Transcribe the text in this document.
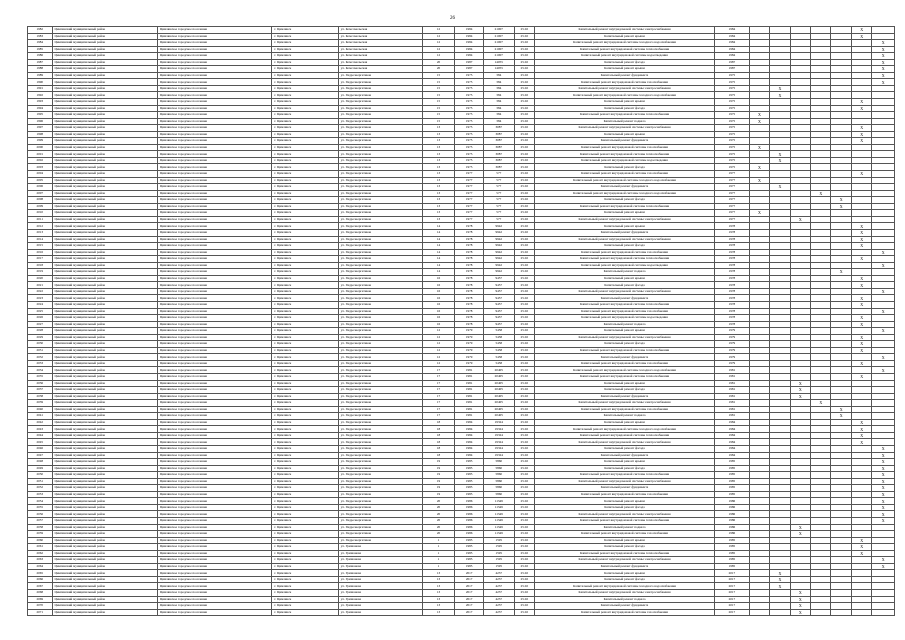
26
1982	Цимлянский муниципальный район	Цимлянское городское поселение	г. Цимлянск	ул. Комсомольская	12	1984	21007	25.02	Капитальный ремонт внутридомовой системы электроснабжения	1984						X	
1983	Цимлянский муниципальный район	Цимлянское городское поселение	г. Цимлянск	ул. Комсомольская	12	1984	21007	25.02	Капитальный ремонт крыши	1984						X	
1984	Цимлянский муниципальный район	Цимлянское городское поселение	г. Цимлянск	ул. Комсомольская	12	1984	21007	25.02	Капитальный ремонт внутридомовой системы холодного водоснабжения	1984							X
1985	Цимлянский муниципальный район	Цимлянское городское поселение	г. Цимлянск	ул. Комсомольская	12	1984	21007	25.02	Капитальный ремонт внутридомовой системы теплоснабжения	1984							X
1986	Цимлянский муниципальный район	Цимлянское городское поселение	г. Цимлянск	ул. Комсомольская	12	1984	21007	25.02	Капитальный ремонт внутридомовой системы водоотведения	1984							X
1987	Цимлянский муниципальный район	Цимлянское городское поселение	г. Цимлянск	ул. Комсомольская	20	1987	14055	25.02	Капитальный ремонт фасада	1987							X
1988	Цимлянский муниципальный район	Цимлянское городское поселение	г. Цимлянск	ул. Комсомольская	20	1987	14055	25.02	Капитальный ремонт крыши	1987							X
1989	Цимлянский муниципальный район	Цимлянское городское поселение	г. Цимлянск	ул. Гидроэнергетиков	15	1975	384	25.02	Капитальный ремонт фундамента	1975							X
1990	Цимлянский муниципальный район	Цимлянское городское поселение	г. Цимлянск	ул. Гидроэнергетиков	15	1975	384	25.02	Капитальный ремонт внутридомовой системы газоснабжения	1975							X
1991	Цимлянский муниципальный район	Цимлянское городское поселение	г. Цимлянск	ул. Гидроэнергетиков	15	1975	384	25.02	Капитальный ремонт внутридомовой системы электроснабжения	1975		X					
1992	Цимлянский муниципальный район	Цимлянское городское поселение	г. Цимлянск	ул. Гидроэнергетиков	15	1975	384	25.02	Капитальный ремонт внутридомовой системы холодного водоснабжения	1975		X					
1993	Цимлянский муниципальный район	Цимлянское городское поселение	г. Цимлянск	ул. Гидроэнергетиков	15	1975	384	25.02	Капитальный ремонт крыши	1975						X	
1994	Цимлянский муниципальный район	Цимлянское городское поселение	г. Цимлянск	ул. Гидроэнергетиков	15	1975	384	25.02	Капитальный ремонт фасада	1975						X	
1995	Цимлянский муниципальный район	Цимлянское городское поселение	г. Цимлянск	ул. Гидроэнергетиков	15	1975	384	25.02	Капитальный ремонт внутридомовой системы теплоснабжения	1975	X						
1996	Цимлянский муниципальный район	Цимлянское городское поселение	г. Цимлянск	ул. Гидроэнергетиков	15	1975	384	25.02	Капитальный ремонт подвала	1975	X						
1997	Цимлянский муниципальный район	Цимлянское городское поселение	г. Цимлянск	ул. Гидроэнергетиков	13	1975	3087	25.02	Капитальный ремонт внутридомовой системы электроснабжения	1975						X	
1998	Цимлянский муниципальный район	Цимлянское городское поселение	г. Цимлянск	ул. Гидроэнергетиков	13	1975	3087	25.02	Капитальный ремонт крыши	1975						X	
1999	Цимлянский муниципальный район	Цимлянское городское поселение	г. Цимлянск	ул. Гидроэнергетиков	13	1975	3087	25.02	Капитальный ремонт фундамента	1975						X	
2000	Цимлянский муниципальный район	Цимлянское городское поселение	г. Цимлянск	ул. Гидроэнергетиков	13	1975	3087	25.02	Капитальный ремонт внутридомовой системы газоснабжения	1975	X						
2001	Цимлянский муниципальный район	Цимлянское городское поселение	г. Цимлянск	ул. Гидроэнергетиков	13	1975	3087	25.02	Капитальный ремонт внутридомовой системы теплоснабжения	1975		X					
2002	Цимлянский муниципальный район	Цимлянское городское поселение	г. Цимлянск	ул. Гидроэнергетиков	13	1975	3087	25.02	Капитальный ремонт внутридомовой системы водоотведения	1975		X					
2003	Цимлянский муниципальный район	Цимлянское городское поселение	г. Цимлянск	ул. Гидроэнергетиков	13	1975	3087	25.02	Капитальный ремонт фасада	1975	X						
2004	Цимлянский муниципальный район	Цимлянское городское поселение	г. Цимлянск	ул. Гидроэнергетиков	13	1977	577	25.02	Капитальный ремонт внутридомовой системы газоснабжения	1977						X	
2005	Цимлянский муниципальный район	Цимлянское городское поселение	г. Цимлянск	ул. Гидроэнергетиков	13	1977	577	25.02	Капитальный ремонт внутридомовой системы холодного водоснабжения	1977	X						
2006	Цимлянский муниципальный район	Цимлянское городское поселение	г. Цимлянск	ул. Гидроэнергетиков	13	1977	577	25.02	Капитальный ремонт фундамента	1977		X					
2007	Цимлянский муниципальный район	Цимлянское городское поселение	г. Цимлянск	ул. Гидроэнергетиков	13	1977	577	25.02	Капитальный ремонт внутридомовой системы холодного водоснабжения	1977				X			
2008	Цимлянский муниципальный район	Цимлянское городское поселение	г. Цимлянск	ул. Гидроэнергетиков	13	1977	577	25.02	Капитальный ремонт фасада	1977					X		
2009	Цимлянский муниципальный район	Цимлянское городское поселение	г. Цимлянск	ул. Гидроэнергетиков	13	1977	577	25.02	Капитальный ремонт внутридомовой системы теплоснабжения	1977					X		
2010	Цимлянский муниципальный район	Цимлянское городское поселение	г. Цимлянск	ул. Гидроэнергетиков	13	1977	577	25.02	Капитальный ремонт крыши	1977	X						
2011	Цимлянский муниципальный район	Цимлянское городское поселение	г. Цимлянск	ул. Гидроэнергетиков	13	1977	577	25.02	Капитальный ремонт внутридомовой системы электроснабжения	1977			X				
2012	Цимлянский муниципальный район	Цимлянское городское поселение	г. Цимлянск	ул. Гидроэнергетиков	14	1978	9942	25.02	Капитальный ремонт крыши	1978						X	
2013	Цимлянский муниципальный район	Цимлянское городское поселение	г. Цимлянск	ул. Гидроэнергетиков	14	1978	9942	25.02	Капитальный ремонт фундамента	1978						X	
2014	Цимлянский муниципальный район	Цимлянское городское поселение	г. Цимлянск	ул. Гидроэнергетиков	14	1978	9942	25.02	Капитальный ремонт внутридомовой системы электроснабжения	1978						X	
2015	Цимлянский муниципальный район	Цимлянское городское поселение	г. Цимлянск	ул. Гидроэнергетиков	14	1978	9942	25.02	Капитальный ремонт фасада	1978						X	
2016	Цимлянский муниципальный район	Цимлянское городское поселение	г. Цимлянск	ул. Гидроэнергетиков	14	1978	9942	25.02	Капитальный ремонт внутридомовой системы газоснабжения	1978							X
2017	Цимлянский муниципальный район	Цимлянское городское поселение	г. Цимлянск	ул. Гидроэнергетиков	14	1978	9942	25.02	Капитальный ремонт внутридомовой системы теплоснабжения	1978						X	
2018	Цимлянский муниципальный район	Цимлянское городское поселение	г. Цимлянск	ул. Гидроэнергетиков	14	1978	9942	25.02	Капитальный ремонт внутридомовой системы водоотведения	1978							X
2019	Цимлянский муниципальный район	Цимлянское городское поселение	г. Цимлянск	ул. Гидроэнергетиков	14	1978	9942	25.02	Капитальный ремонт подвала	1978					X		
2020	Цимлянский муниципальный район	Цимлянское городское поселение	г. Цимлянск	ул. Гидроэнергетиков	16	1978	9457	25.02	Капитальный ремонт крыши	1978						X	
2021	Цимлянский муниципальный район	Цимлянское городское поселение	г. Цимлянск	ул. Гидроэнергетиков	16	1978	9457	25.02	Капитальный ремонт фасада	1978						X	
2022	Цимлянский муниципальный район	Цимлянское городское поселение	г. Цимлянск	ул. Гидроэнергетиков	16	1978	9457	25.02	Капитальный ремонт внутридомовой системы электроснабжения	1978							X
2023	Цимлянский муниципальный район	Цимлянское городское поселение	г. Цимлянск	ул. Гидроэнергетиков	16	1978	9457	25.02	Капитальный ремонт фундамента	1978						X	
2024	Цимлянский муниципальный район	Цимлянское городское поселение	г. Цимлянск	ул. Гидроэнергетиков	16	1978	9457	25.02	Капитальный ремонт внутридомовой системы теплоснабжения	1978						X	
2025	Цимлянский муниципальный район	Цимлянское городское поселение	г. Цимлянск	ул. Гидроэнергетиков	16	1978	9457	25.02	Капитальный ремонт внутридомовой системы газоснабжения	1978							X
2026	Цимлянский муниципальный район	Цимлянское городское поселение	г. Цимлянск	ул. Гидроэнергетиков	16	1978	9457	25.02	Капитальный ремонт внутридомовой системы водоотведения	1978						X	
2027	Цимлянский муниципальный район	Цимлянское городское поселение	г. Цимлянск	ул. Гидроэнергетиков	16	1978	9457	25.02	Капитальный ремонт подвала	1978						X	
2028	Цимлянский муниципальный район	Цимлянское городское поселение	г. Цимлянск	ул. Гидроэнергетиков	12	1979	5458	25.02	Капитальный ремонт крыши	1979							X
2029	Цимлянский муниципальный район	Цимлянское городское поселение	г. Цимлянск	ул. Гидроэнергетиков	12	1979	5458	25.02	Капитальный ремонт внутридомовой системы электроснабжения	1979						X	
2030	Цимлянский муниципальный район	Цимлянское городское поселение	г. Цимлянск	ул. Гидроэнергетиков	12	1979	5458	25.02	Капитальный ремонт фасада	1979						X	
2031	Цимлянский муниципальный район	Цимлянское городское поселение	г. Цимлянск	ул. Гидроэнергетиков	12	1979	5458	25.02	Капитальный ремонт внутридомовой системы теплоснабжения	1979						X	
2032	Цимлянский муниципальный район	Цимлянское городское поселение	г. Цимлянск	ул. Гидроэнергетиков	12	1979	5458	25.02	Капитальный ремонт фундамента	1979							X
2033	Цимлянский муниципальный район	Цимлянское городское поселение	г. Цимлянск	ул. Гидроэнергетиков	12	1979	5458	25.02	Капитальный ремонт внутридомовой системы газоснабжения	1979						X	
2034	Цимлянский муниципальный район	Цимлянское городское поселение	г. Цимлянск	ул. Гидроэнергетиков	17	1981	20405	25.02	Капитальный ремонт внутридомовой системы холодного водоснабжения	1981							X
2035	Цимлянский муниципальный район	Цимлянское городское поселение	г. Цимлянск	ул. Гидроэнергетиков	17	1981	20405	25.02	Капитальный ремонт внутридомовой системы теплоснабжения	1981						X	
2036	Цимлянский муниципальный район	Цимлянское городское поселение	г. Цимлянск	ул. Гидроэнергетиков	17	1981	20405	25.02	Капитальный ремонт крыши	1981			X				
2037	Цимлянский муниципальный район	Цимлянское городское поселение	г. Цимлянск	ул. Гидроэнергетиков	17	1981	20405	25.02	Капитальный ремонт фасада	1981			X				
2038	Цимлянский муниципальный район	Цимлянское городское поселение	г. Цимлянск	ул. Гидроэнергетиков	17	1981	20405	25.02	Капитальный ремонт фундамента	1981			X				
2039	Цимлянский муниципальный район	Цимлянское городское поселение	г. Цимлянск	ул. Гидроэнергетиков	17	1981	20405	25.02	Капитальный ремонт внутридомовой системы электроснабжения	1981				X			
2040	Цимлянский муниципальный район	Цимлянское городское поселение	г. Цимлянск	ул. Гидроэнергетиков	17	1981	20405	25.02	Капитальный ремонт внутридомовой системы газоснабжения	1981					X		
2041	Цимлянский муниципальный район	Цимлянское городское поселение	г. Цимлянск	ул. Гидроэнергетиков	17	1981	20405	25.02	Капитальный ремонт подвала	1981					X		
2042	Цимлянский муниципальный район	Цимлянское городское поселение	г. Цимлянск	ул. Гидроэнергетиков	18	1984	19324	25.02	Капитальный ремонт крыши	1984						X	
2043	Цимлянский муниципальный район	Цимлянское городское поселение	г. Цимлянск	ул. Гидроэнергетиков	18	1984	19324	25.02	Капитальный ремонт внутридомовой системы холодного водоснабжения	1984						X	
2044	Цимлянский муниципальный район	Цимлянское городское поселение	г. Цимлянск	ул. Гидроэнергетиков	18	1984	19324	25.02	Капитальный ремонт внутридомовой системы теплоснабжения	1984						X	
2045	Цимлянский муниципальный район	Цимлянское городское поселение	г. Цимлянск	ул. Гидроэнергетиков	18	1984	19324	25.02	Капитальный ремонт внутридомовой системы электроснабжения	1984						X	
2046	Цимлянский муниципальный район	Цимлянское городское поселение	г. Цимлянск	ул. Гидроэнергетиков	18	1984	19324	25.02	Капитальный ремонт фасада	1984							X
2047	Цимлянский муниципальный район	Цимлянское городское поселение	г. Цимлянск	ул. Гидроэнергетиков	18	1984	19324	25.02	Капитальный ремонт фундамента	1984							X
2048	Цимлянский муниципальный район	Цимлянское городское поселение	г. Цимлянск	ул. Гидроэнергетиков	19	1985	5860	25.02	Капитальный ремонт крыши	1985							X
2049	Цимлянский муниципальный район	Цимлянское городское поселение	г. Цимлянск	ул. Гидроэнергетиков	19	1985	5860	25.02	Капитальный ремонт фасада	1985							X
2050	Цимлянский муниципальный район	Цимлянское городское поселение	г. Цимлянск	ул. Гидроэнергетиков	19	1985	5860	25.02	Капитальный ремонт внутридомовой системы теплоснабжения	1985							X
2051	Цимлянский муниципальный район	Цимлянское городское поселение	г. Цимлянск	ул. Гидроэнергетиков	19	1985	5860	25.02	Капитальный ремонт внутридомовой системы электроснабжения	1985							X
2052	Цимлянский муниципальный район	Цимлянское городское поселение	г. Цимлянск	ул. Гидроэнергетиков	19	1985	5860	25.02	Капитальный ремонт фундамента	1985							X
2053	Цимлянский муниципальный район	Цимлянское городское поселение	г. Цимлянск	ул. Гидроэнергетиков	19	1985	5860	25.02	Капитальный ремонт внутридомовой системы газоснабжения	1985							X
2054	Цимлянский муниципальный район	Цимлянское городское поселение	г. Цимлянск	ул. Гидроэнергетиков	20	1986	11349	25.02	Капитальный ремонт крыши	1986							X
2055	Цимлянский муниципальный район	Цимлянское городское поселение	г. Цимлянск	ул. Гидроэнергетиков	20	1986	11349	25.02	Капитальный ремонт фасада	1986							X
2056	Цимлянский муниципальный район	Цимлянское городское поселение	г. Цимлянск	ул. Гидроэнергетиков	20	1986	11349	25.02	Капитальный ремонт внутридомовой системы электроснабжения	1986							X
2057	Цимлянский муниципальный район	Цимлянское городское поселение	г. Цимлянск	ул. Гидроэнергетиков	20	1986	11349	25.02	Капитальный ремонт внутридомовой системы теплоснабжения	1986							X
2058	Цимлянский муниципальный район	Цимлянское городское поселение	г. Цимлянск	ул. Гидроэнергетиков	20	1986	11349	25.02	Капитальный ремонт подвала	1986			X				
2059	Цимлянский муниципальный район	Цимлянское городское поселение	г. Цимлянск	ул. Гидроэнергетиков	20	1986	11349	25.02	Капитальный ремонт внутридомовой системы газоснабжения	1986			X				
2060	Цимлянский муниципальный район	Цимлянское городское поселение	г. Цимлянск	ул. Гидроэнергетиков	1	1985	1595	25.02	Капитальный ремонт крыши	1985						X	
2061	Цимлянский муниципальный район	Цимлянское городское поселение	г. Цимлянск	ул. Гришанова	1	1985	1595	25.02	Капитальный ремонт фасада	1985						X	
2062	Цимлянский муниципальный район	Цимлянское городское поселение	г. Цимлянск	ул. Гришанова	1	1985	1595	25.02	Капитальный ремонт внутридомовой системы теплоснабжения	1985						X	
2063	Цимлянский муниципальный район	Цимлянское городское поселение	г. Цимлянск	ул. Гришанова	1	1985	1595	25.02	Капитальный ремонт внутридомовой системы электроснабжения	1985							X
2064	Цимлянский муниципальный район	Цимлянское городское поселение	г. Цимлянск	ул. Гришанова	1	1985	1595	25.02	Капитальный ремонт фундамента	1985							X
2065	Цимлянский муниципальный район	Цимлянское городское поселение	г. Цимлянск	ул. Гришанова	13	2017	4237	25.02	Капитальный ремонт крыши	2017		X					
2066	Цимлянский муниципальный район	Цимлянское городское поселение	г. Цимлянск	ул. Гришанова	13	2017	4237	25.02	Капитальный ремонт фасада	2017		X					
2067	Цимлянский муниципальный район	Цимлянское городское поселение	г. Цимлянск	ул. Гришанова	13	2017	4237	25.02	Капитальный ремонт внутридомовой системы холодного водоснабжения	2017		X					
2068	Цимлянский муниципальный район	Цимлянское городское поселение	г. Цимлянск	ул. Гришанова	13	2017	4237	25.02	Капитальный ремонт внутридомовой системы электроснабжения	2017			X				
2069	Цимлянский муниципальный район	Цимлянское городское поселение	г. Цимлянск	ул. Гришанова	13	2017	4237	25.02	Капитальный ремонт подвала	2017			X				
2070	Цимлянский муниципальный район	Цимлянское городское поселение	г. Цимлянск	ул. Гришанова	13	2017	4237	25.02	Капитальный ремонт фундамента	2017			X				
2071	Цимлянский муниципальный район	Цимлянское городское поселение	г. Цимлянск	ул. Гришанова	13	2017	4237	25.02	Капитальный ремонт внутридомовой системы газоснабжения	2017			X				
